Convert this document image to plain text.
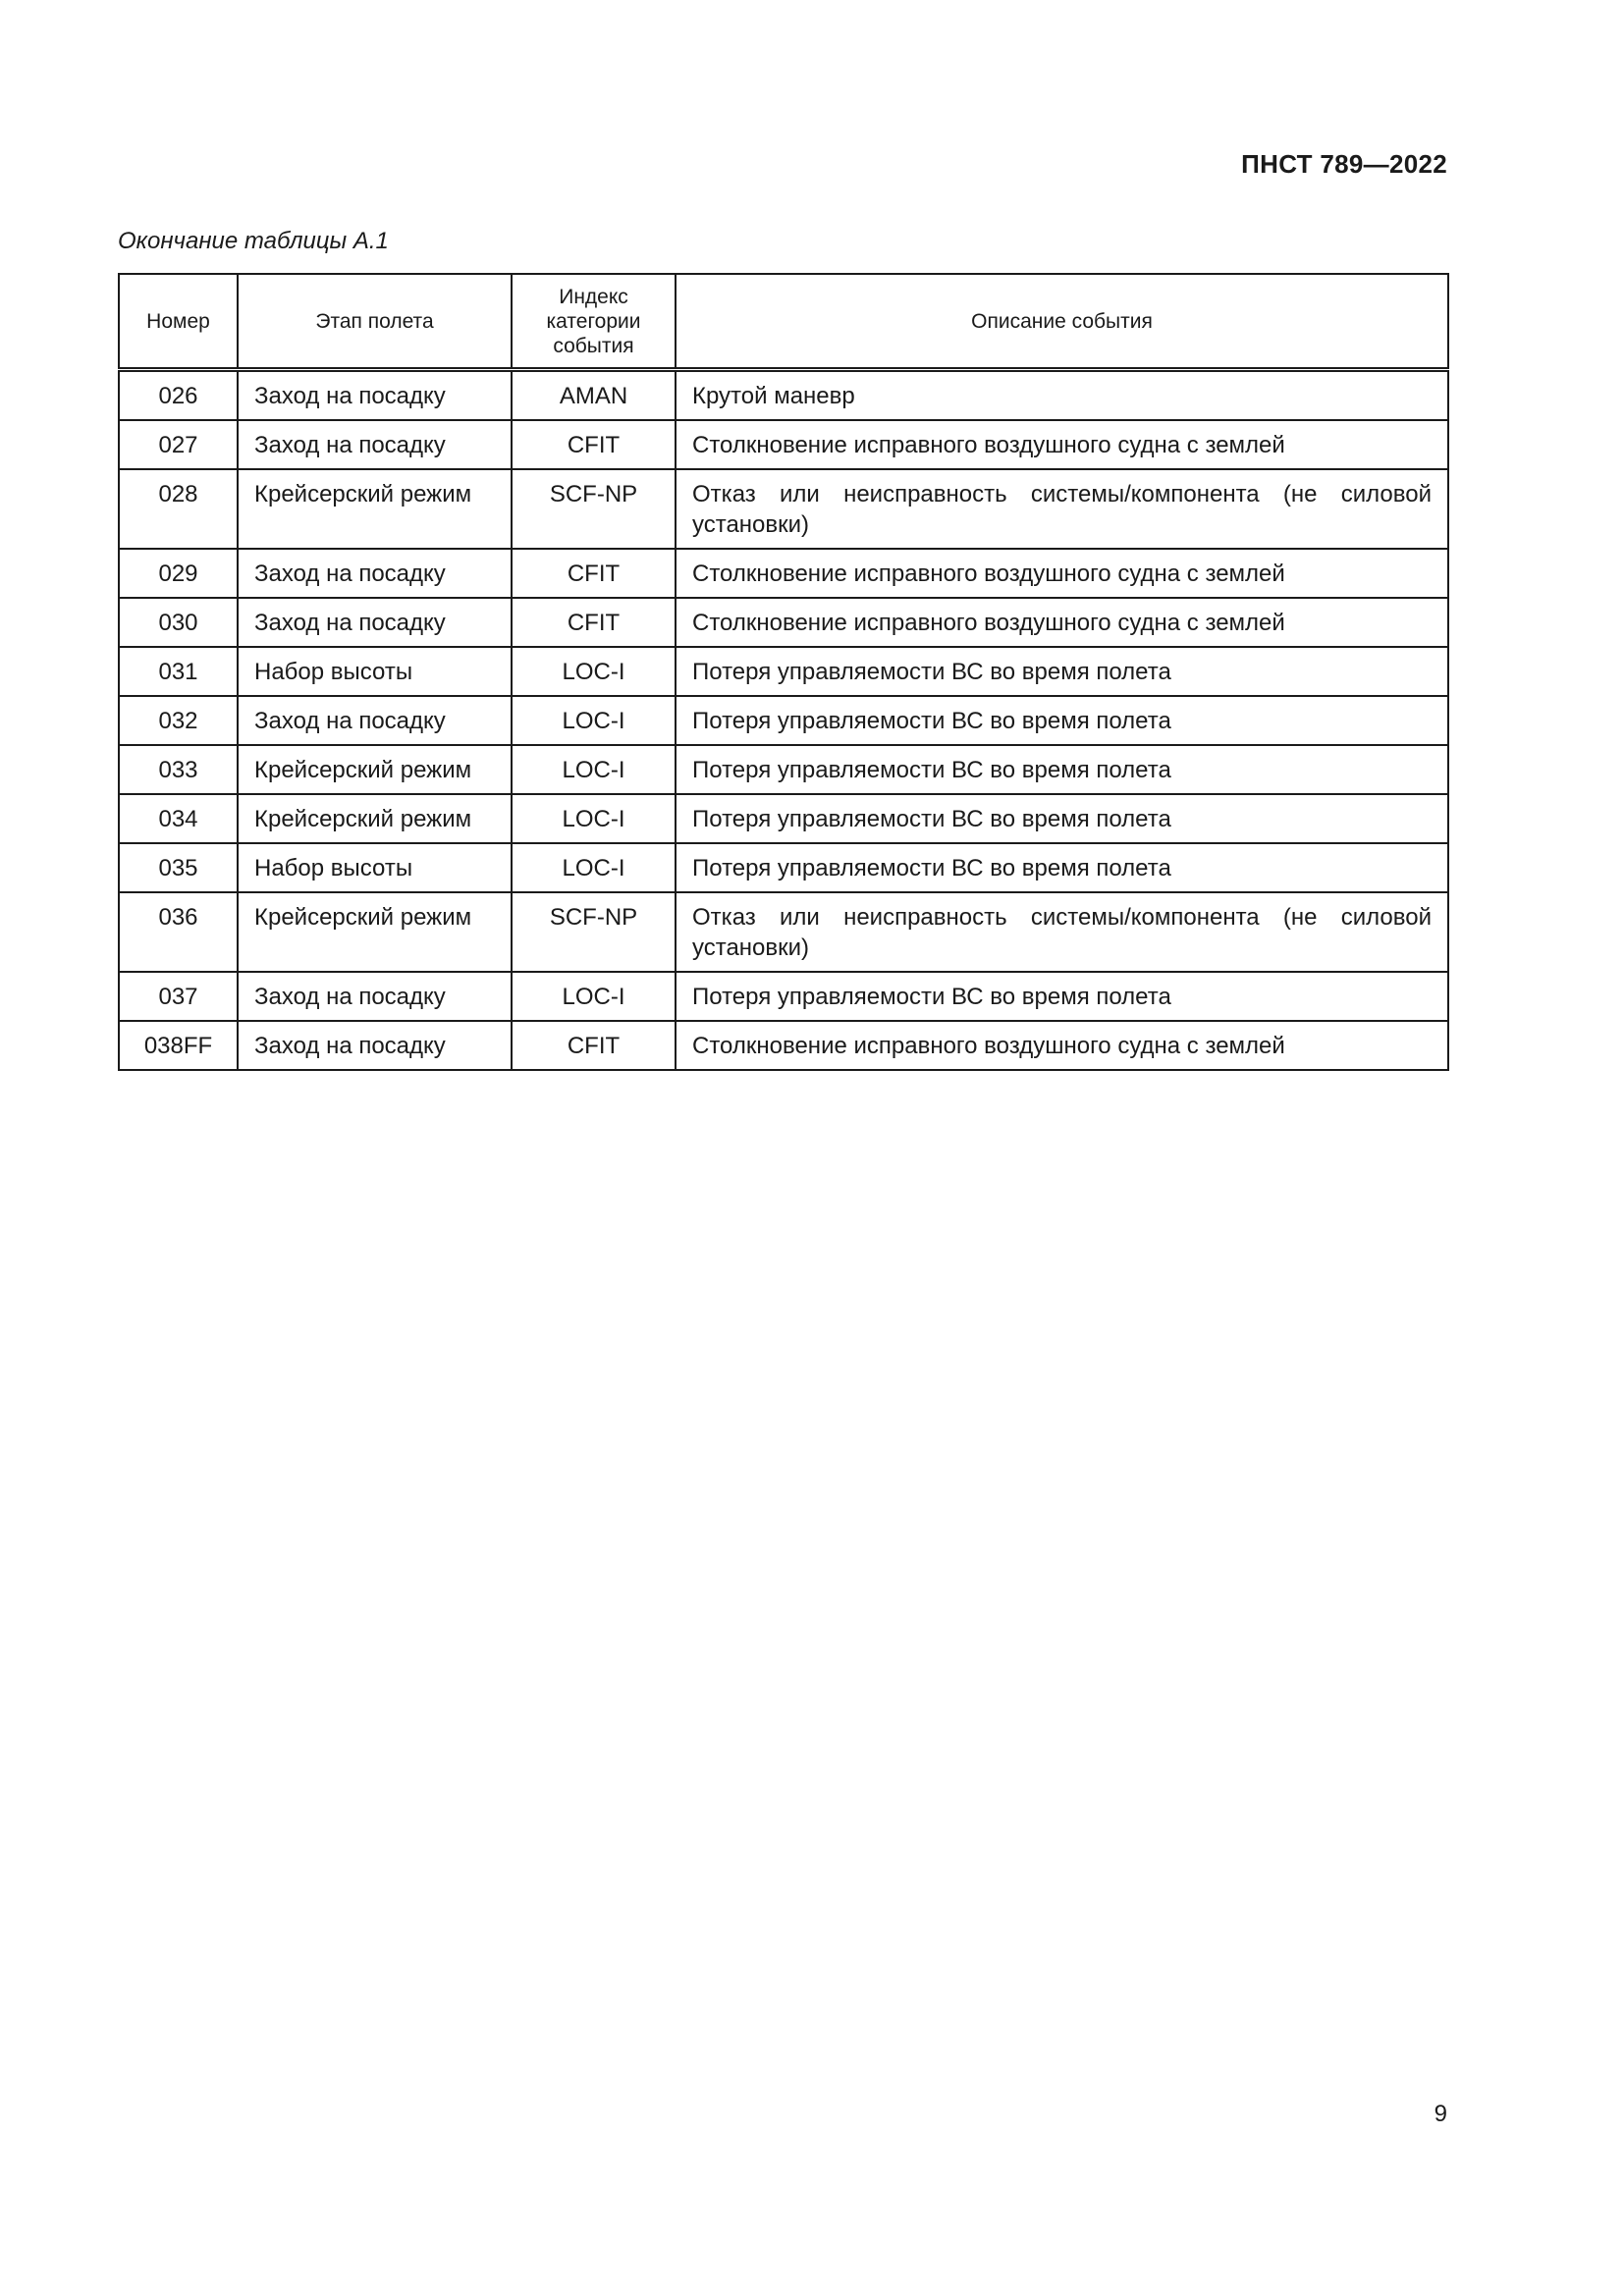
ПНСТ 789—2022
Окончание таблицы А.1
Номер	Этап полета	Индекс категории события	Описание события
026	Заход на посадку	AMAN	Крутой маневр
027	Заход на посадку	CFIT	Столкновение исправного воздушного судна с землей
028	Крейсерский режим	SCF-NP	Отказ или неисправность системы/компонента (не силовой установки)
029	Заход на посадку	CFIT	Столкновение исправного воздушного судна с землей
030	Заход на посадку	CFIT	Столкновение исправного воздушного судна с землей
031	Набор высоты	LOC-I	Потеря управляемости ВС во время полета
032	Заход на посадку	LOC-I	Потеря управляемости ВС во время полета
033	Крейсерский режим	LOC-I	Потеря управляемости ВС во время полета
034	Крейсерский режим	LOC-I	Потеря управляемости ВС во время полета
035	Набор высоты	LOC-I	Потеря управляемости ВС во время полета
036	Крейсерский режим	SCF-NP	Отказ или неисправность системы/компонента (не силовой установки)
037	Заход на посадку	LOC-I	Потеря управляемости ВС во время полета
038FF	Заход на посадку	CFIT	Столкновение исправного воздушного судна с землей
9
